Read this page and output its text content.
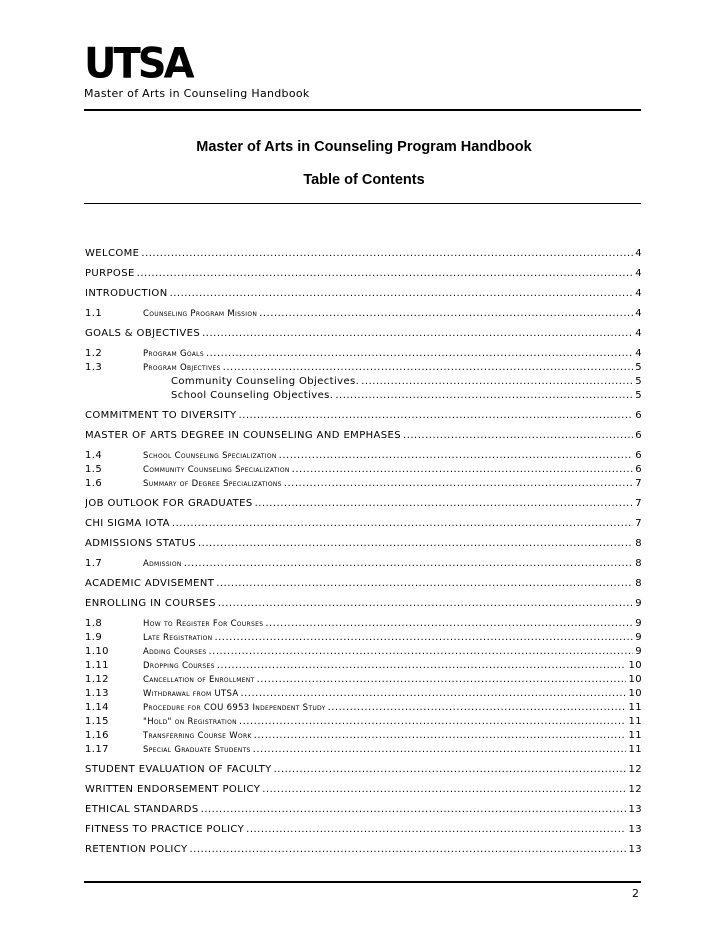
UTSA
Master of Arts in Counseling Handbook
Master of Arts in Counseling Program Handbook
Table of Contents
WELCOME .....	4
PURPOSE .....	4
INTRODUCTION .....	4
1.1	Counseling Program Mission .....	4
GOALS & OBJECTIVES .....	4
1.2	Program Goals .....	4
1.3	Program Objectives .....	5
Community Counseling Objectives. .....	5
School Counseling Objectives. .....	5
COMMITMENT TO DIVERSITY .....	6
MASTER OF ARTS DEGREE IN COUNSELING AND EMPHASES .....	6
1.4	School Counseling Specialization .....	6
1.5	Community Counseling Specialization .....	6
1.6	Summary of Degree Specializations .....	7
JOB OUTLOOK FOR GRADUATES .....	7
CHI SIGMA IOTA .....	7
ADMISSIONS STATUS .....	8
1.7	Admission .....	8
ACADEMIC ADVISEMENT .....	8
ENROLLING IN COURSES .....	9
1.8	How to Register For Courses .....	9
1.9	Late Registration .....	9
1.10	Adding Courses .....	9
1.11	Dropping Courses .....	10
1.12	Cancellation of Enrollment .....	10
1.13	Withdrawal from UTSA .....	10
1.14	Procedure for COU 6953 Independent Study .....	11
1.15	"Hold" on Registration .....	11
1.16	Transferring Course Work .....	11
1.17	Special Graduate Students .....	11
STUDENT EVALUATION OF FACULTY .....	12
WRITTEN ENDORSEMENT POLICY .....	12
ETHICAL STANDARDS .....	13
FITNESS TO PRACTICE POLICY .....	13
RETENTION POLICY .....	13
2
